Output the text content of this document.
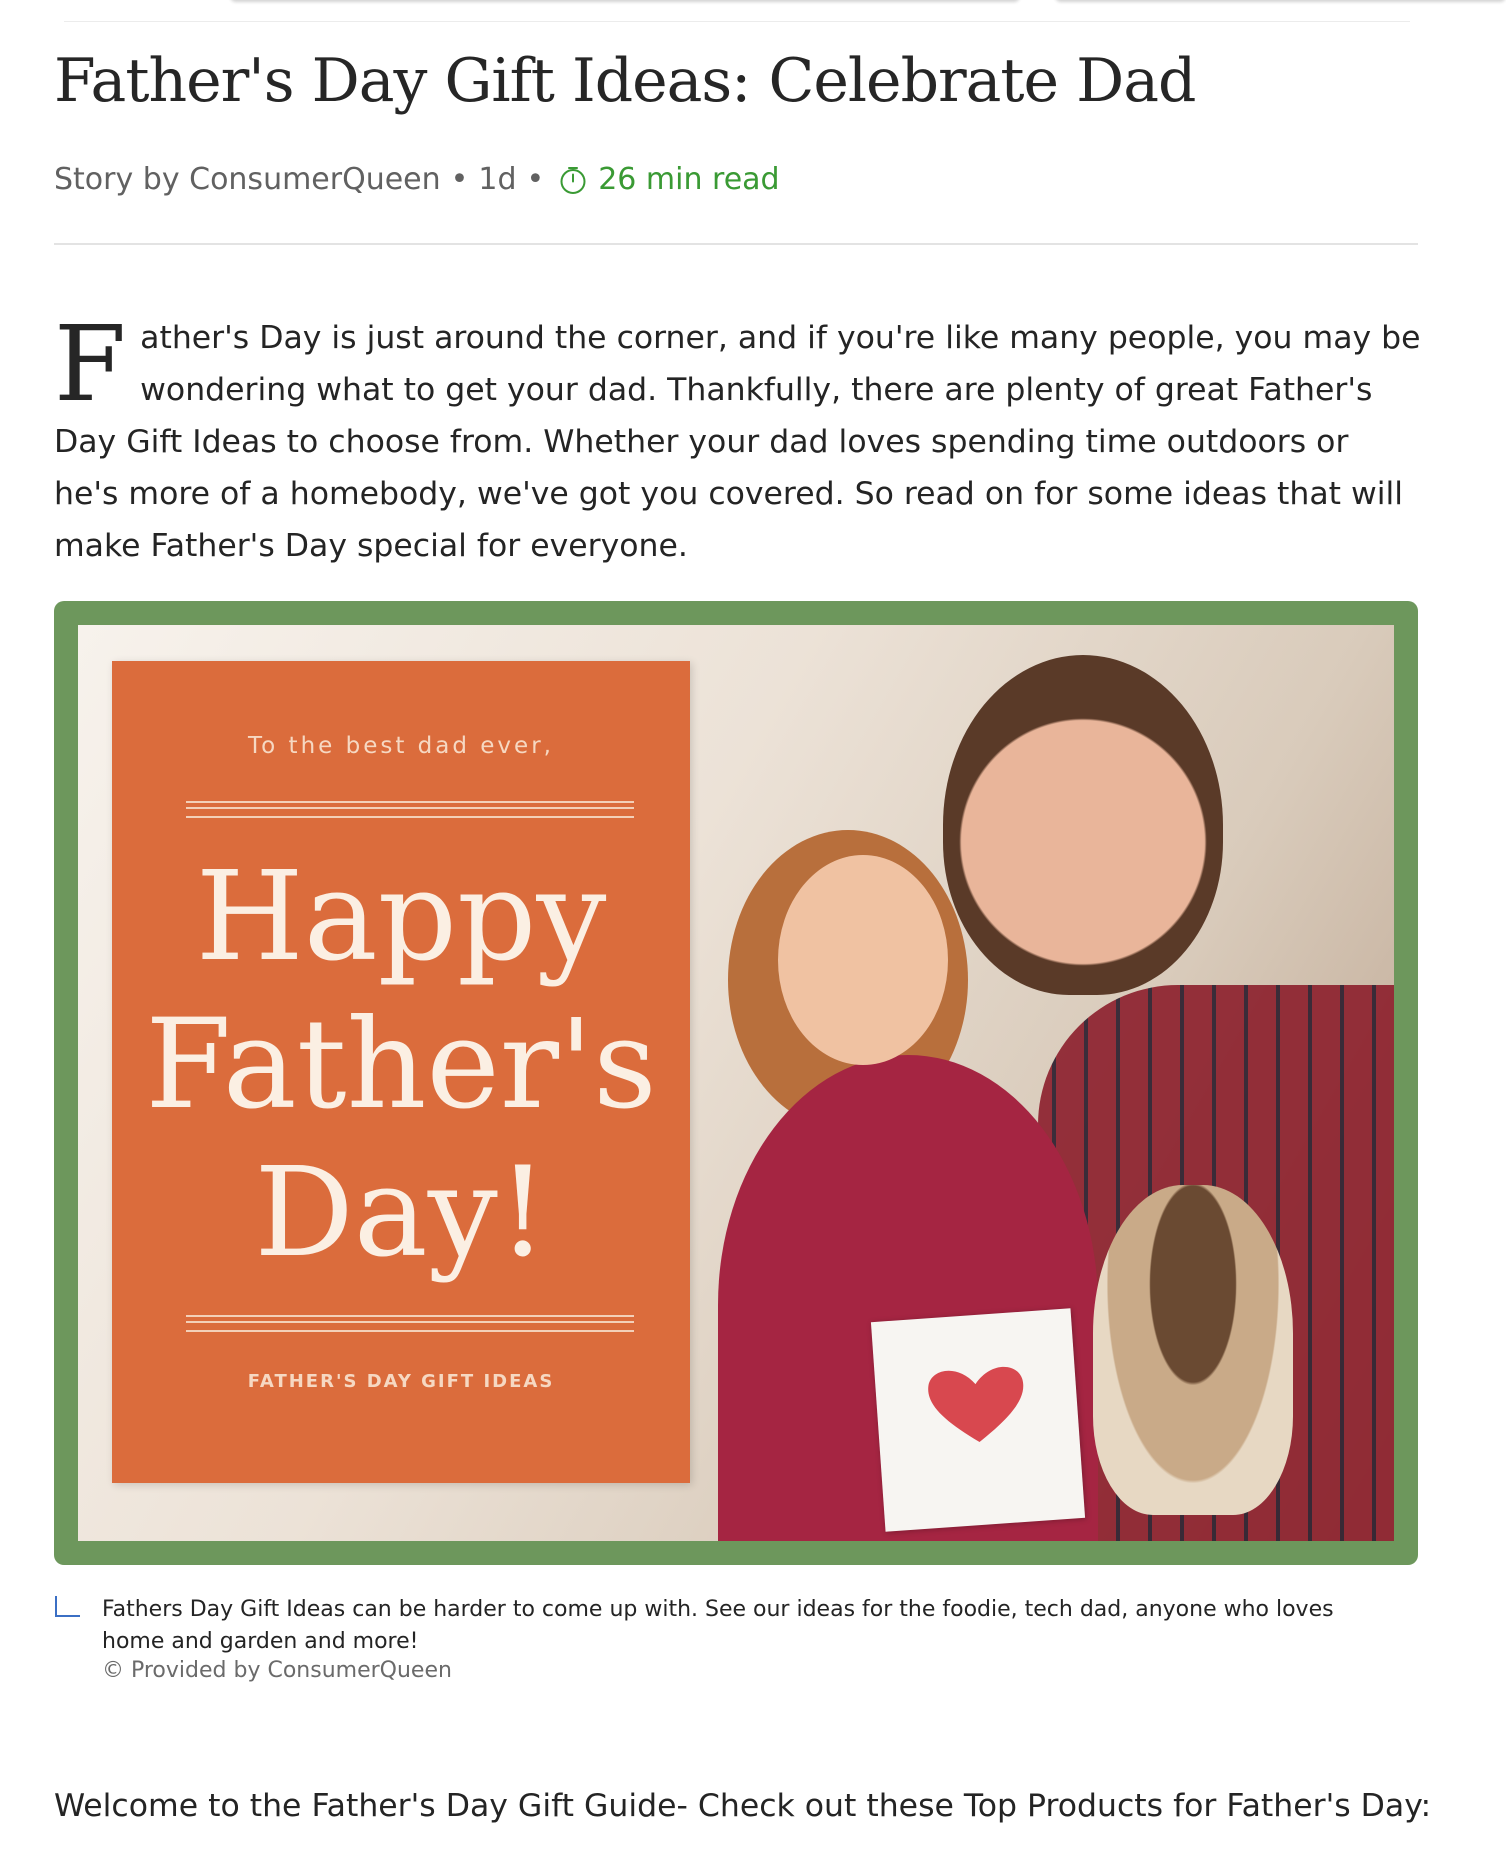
Father's Day Gift Ideas: Celebrate Dad
Story by ConsumerQueen • 1d • 26 min read

Father's Day is just around the corner, and if you're like many people, you may be wondering what to get your dad. Thankfully, there are plenty of great Father's Day Gift Ideas to choose from. Whether your dad loves spending time outdoors or he's more of a homebody, we've got you covered. So read on for some ideas that will make Father's Day special for everyone.

To the best dad ever,
Happy
Father's
Day!
FATHER'S DAY GIFT IDEAS

Fathers Day Gift Ideas can be harder to come up with. See our ideas for the foodie, tech dad, anyone who loves home and garden and more!

© Provided by ConsumerQueen

Welcome to the Father's Day Gift Guide- Check out these Top Products for Father's Day:
